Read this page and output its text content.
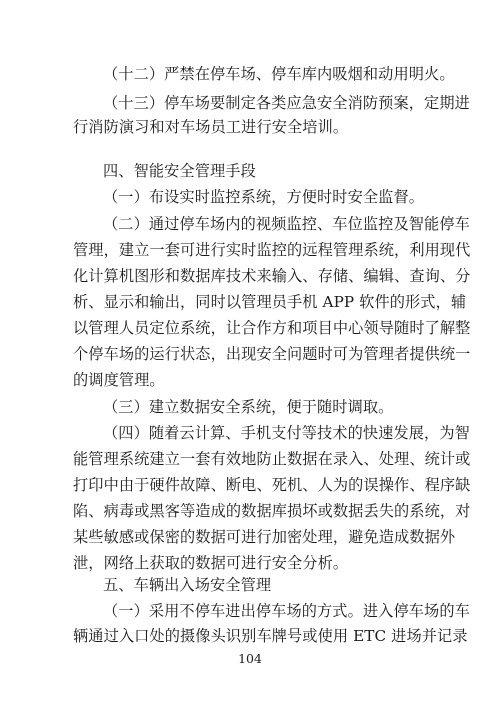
（十二）严禁在停车场、停车库内吸烟和动用明火。
（十三）停车场要制定各类应急安全消防预案，定期进
行消防演习和对车场员工进行安全培训。
四、智能安全管理手段
（一）布设实时监控系统，方便时时安全监督。
（二）通过停车场内的视频监控、车位监控及智能停车
管理，建立一套可进行实时监控的远程管理系统，利用现代
化计算机图形和数据库技术来输入、存储、编辑、查询、分
析、显示和输出，同时以管理员手机 APP 软件的形式，辅
以管理人员定位系统，让合作方和项目中心领导随时了解整
个停车场的运行状态，出现安全问题时可为管理者提供统一
的调度管理。
（三）建立数据安全系统，便于随时调取。
（四）随着云计算、手机支付等技术的快速发展，为智
能管理系统建立一套有效地防止数据在录入、处理、统计或
打印中由于硬件故障、断电、死机、人为的误操作、程序缺
陷、病毒或黑客等造成的数据库损坏或数据丢失的系统，对
某些敏感或保密的数据可进行加密处理，避免造成数据外
泄，网络上获取的数据可进行安全分析。
五、车辆出入场安全管理
（一）采用不停车进出停车场的方式。进入停车场的车
辆通过入口处的摄像头识别车牌号或使用 ETC 进场并记录
104
